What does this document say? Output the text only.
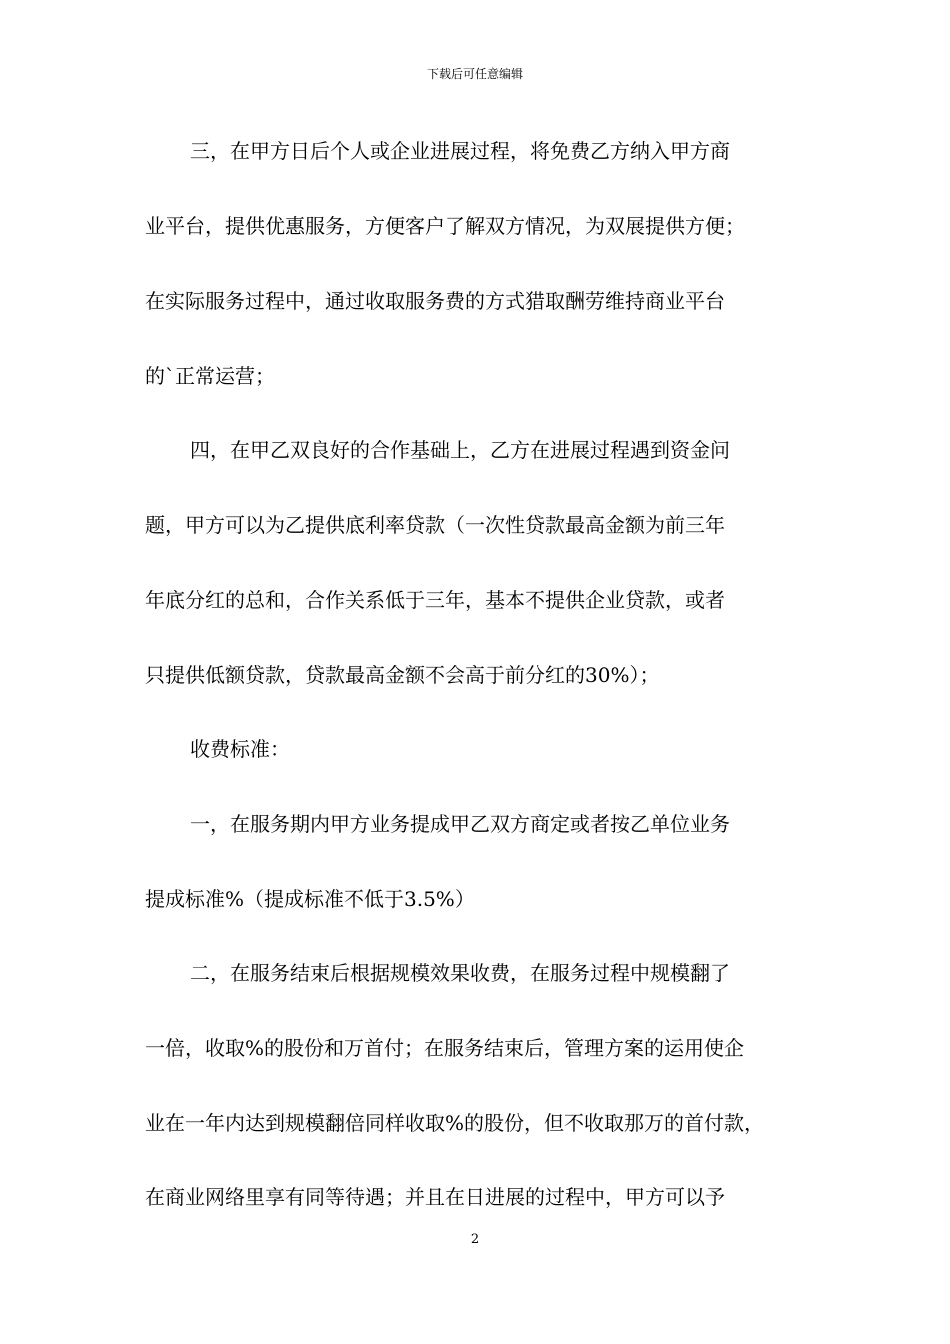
下载后可任意编辑
三，在甲方日后个人或企业进展过程，将免费乙方纳入甲方商
业平台，提供优惠服务，方便客户了解双方情况，为双展提供方便；
在实际服务过程中，通过收取服务费的方式猎取酬劳维持商业平台
的`正常运营；
四，在甲乙双良好的合作基础上，乙方在进展过程遇到资金问
题，甲方可以为乙提供底利率贷款（一次性贷款最高金额为前三年
年底分红的总和，合作关系低于三年，基本不提供企业贷款，或者
只提供低额贷款，贷款最高金额不会高于前分红的30%）；
收费标准：
一，在服务期内甲方业务提成甲乙双方商定或者按乙单位业务
提成标准%（提成标准不低于3.5%）
二，在服务结束后根据规模效果收费，在服务过程中规模翻了
一倍，收取%的股份和万首付；在服务结束后，管理方案的运用使企
业在一年内达到规模翻倍同样收取%的股份，但不收取那万的首付款，
在商业网络里享有同等待遇；并且在日进展的过程中，甲方可以予
2
